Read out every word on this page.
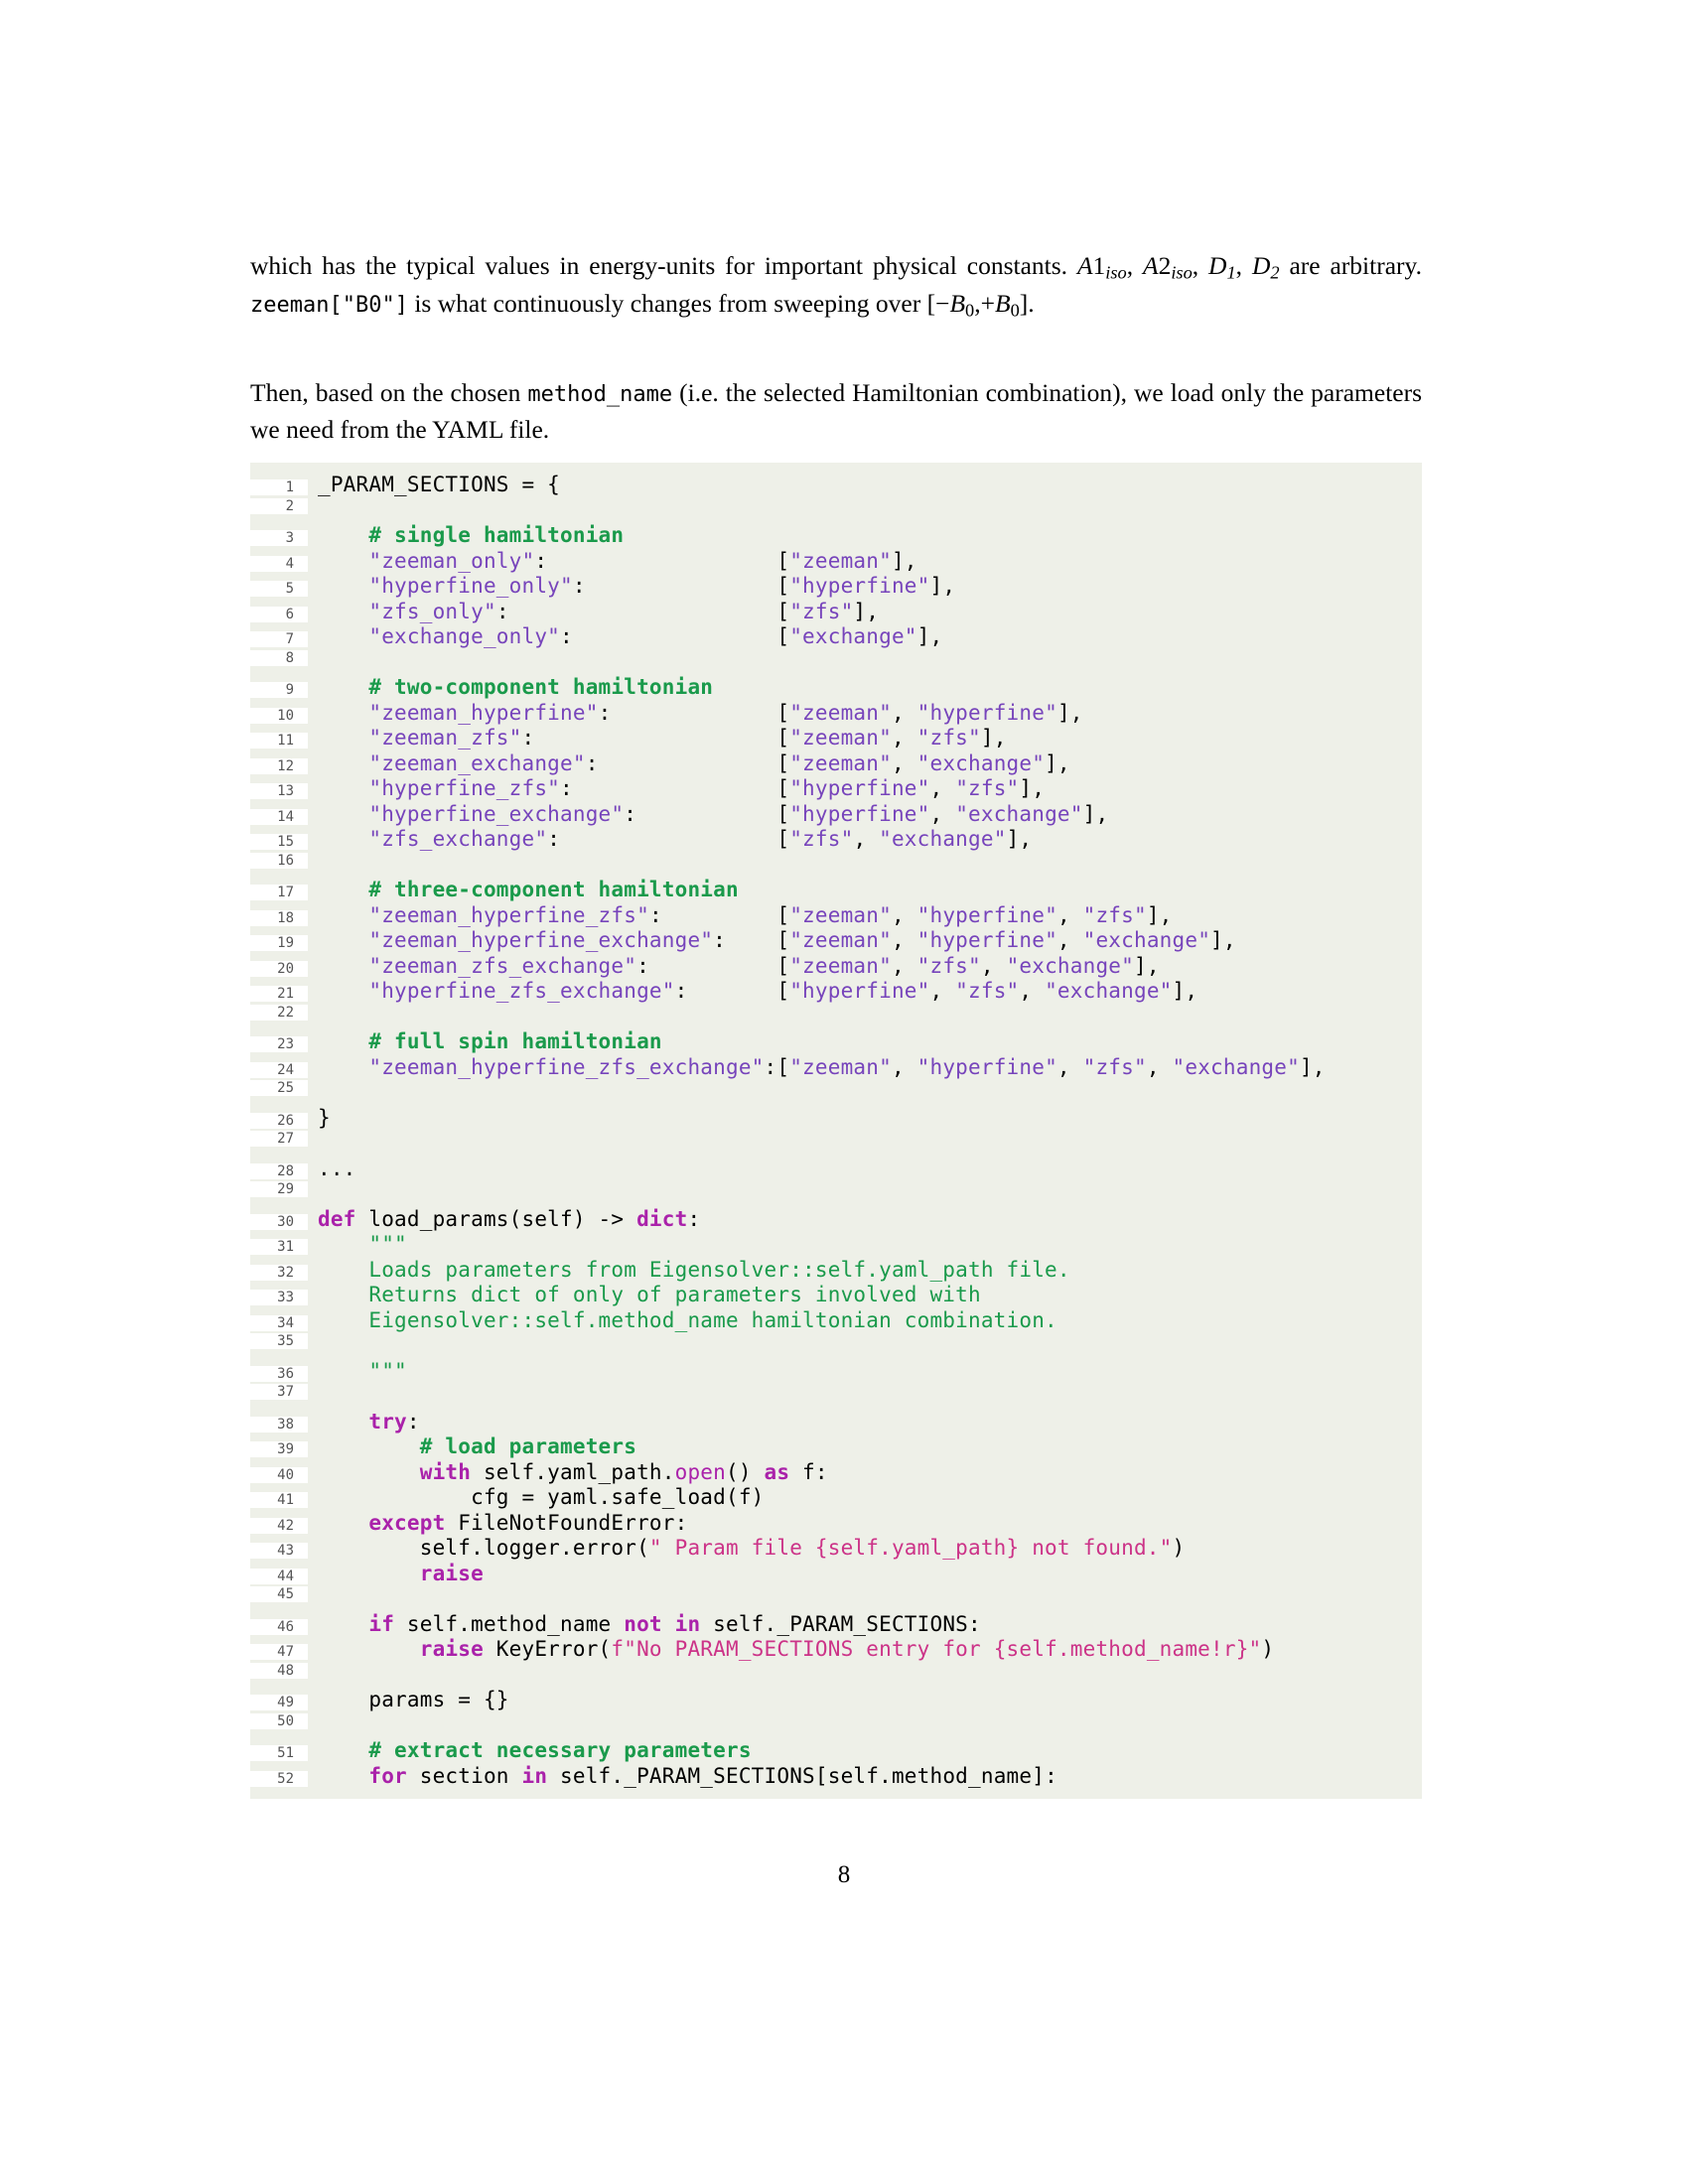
which has the typical values in energy-units for important physical constants. $A1_{iso}$, $A2_{iso}$, $D_1$, $D_2$ are arbitrary. zeeman["B0"] is what continuously changes from sweeping over $[-B_0,+B_0]$.

Then, based on the chosen method_name (i.e. the selected Hamiltonian combination), we load only the parameters we need from the YAML file.

1	_PARAM_SECTIONS = {
2
3	# single hamiltonian
4	"zeeman_only":                  ["zeeman"],
5	"hyperfine_only":               ["hyperfine"],
6	"zfs_only":                     ["zfs"],
7	"exchange_only":                ["exchange"],
8
9	# two-component hamiltonian
10	"zeeman_hyperfine":             ["zeeman", "hyperfine"],
11	"zeeman_zfs":                   ["zeeman", "zfs"],
12	"zeeman_exchange":              ["zeeman", "exchange"],
13	"hyperfine_zfs":                ["hyperfine", "zfs"],
14	"hyperfine_exchange":           ["hyperfine", "exchange"],
15	"zfs_exchange":                 ["zfs", "exchange"],
16
17	# three-component hamiltonian
18	"zeeman_hyperfine_zfs":         ["zeeman", "hyperfine", "zfs"],
19	"zeeman_hyperfine_exchange":    ["zeeman", "hyperfine", "exchange"],
20	"zeeman_zfs_exchange":          ["zeeman", "zfs", "exchange"],
21	"hyperfine_zfs_exchange":       ["hyperfine", "zfs", "exchange"],
22
23	# full spin hamiltonian
24	"zeeman_hyperfine_zfs_exchange":["zeeman", "hyperfine", "zfs", "exchange"],
25
26	}
27
28	...
29
30	def load_params(self) -> dict:
31	"""
32	Loads parameters from Eigensolver::self.yaml_path file.
33	Returns dict of only of parameters involved with
34	Eigensolver::self.method_name hamiltonian combination.
35
36	"""
37
38	try:
39	# load parameters
40	with self.yaml_path.open() as f:
41	cfg = yaml.safe_load(f)
42	except FileNotFoundError:
43	self.logger.error(" Param file {self.yaml_path} not found.")
44	raise
45
46	if self.method_name not in self._PARAM_SECTIONS:
47	raise KeyError(f"No PARAM_SECTIONS entry for {self.method_name!r}")
48
49	params = {}
50
51	# extract necessary parameters
52	for section in self._PARAM_SECTIONS[self.method_name]:
8
